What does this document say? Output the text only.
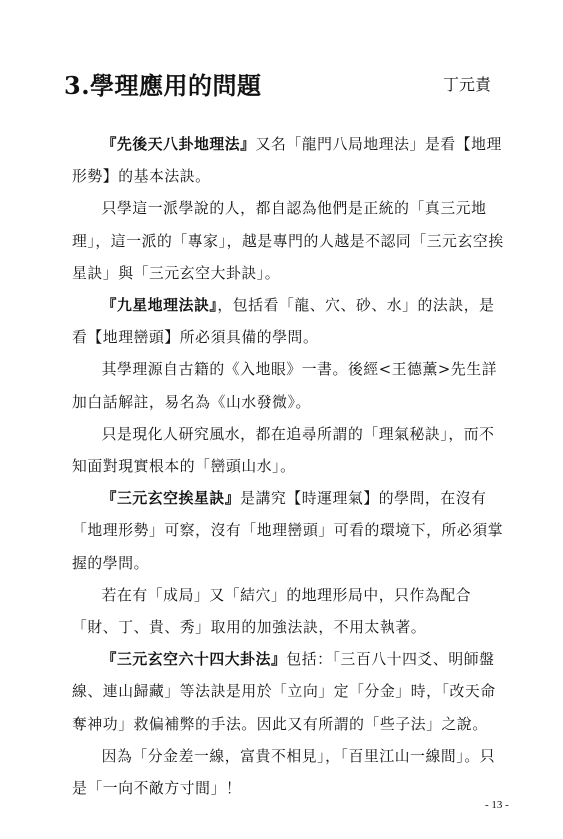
3.學理應用的問題	丁元責

『先後天八卦地理法』又名「龍門八局地理法」是看【地理形勢】的基本法訣。

只學這一派學說的人，都自認為他們是正統的「真三元地理」，這一派的「專家」，越是專門的人越是不認同「三元玄空挨星訣」與「三元玄空大卦訣」。

『九星地理法訣』，包括看「龍、穴、砂、水」的法訣，是看【地理巒頭】所必須具備的學問。

其學理源自古籍的《入地眼》一書。後經<王德薰>先生詳加白話解註，易名為《山水發微》。

只是現化人研究風水，都在追尋所謂的「理氣秘訣」，而不知面對現實根本的「巒頭山水」。

『三元玄空挨星訣』是講究【時運理氣】的學問，在沒有「地理形勢」可察，沒有「地理巒頭」可看的環境下，所必須掌握的學問。

若在有「成局」又「結穴」的地理形局中，只作為配合「財、丁、貴、秀」取用的加強法訣，不用太執著。

『三元玄空六十四大卦法』包括：「三百八十四爻、明師盤線、連山歸藏」等法訣是用於「立向」定「分金」時，「改天命奪神功」救偏補弊的手法。因此又有所謂的「些子法」之說。

因為「分金差一線，富貴不相見」，「百里江山一線間」。只是「一向不敵方寸間」！

- 13 -
